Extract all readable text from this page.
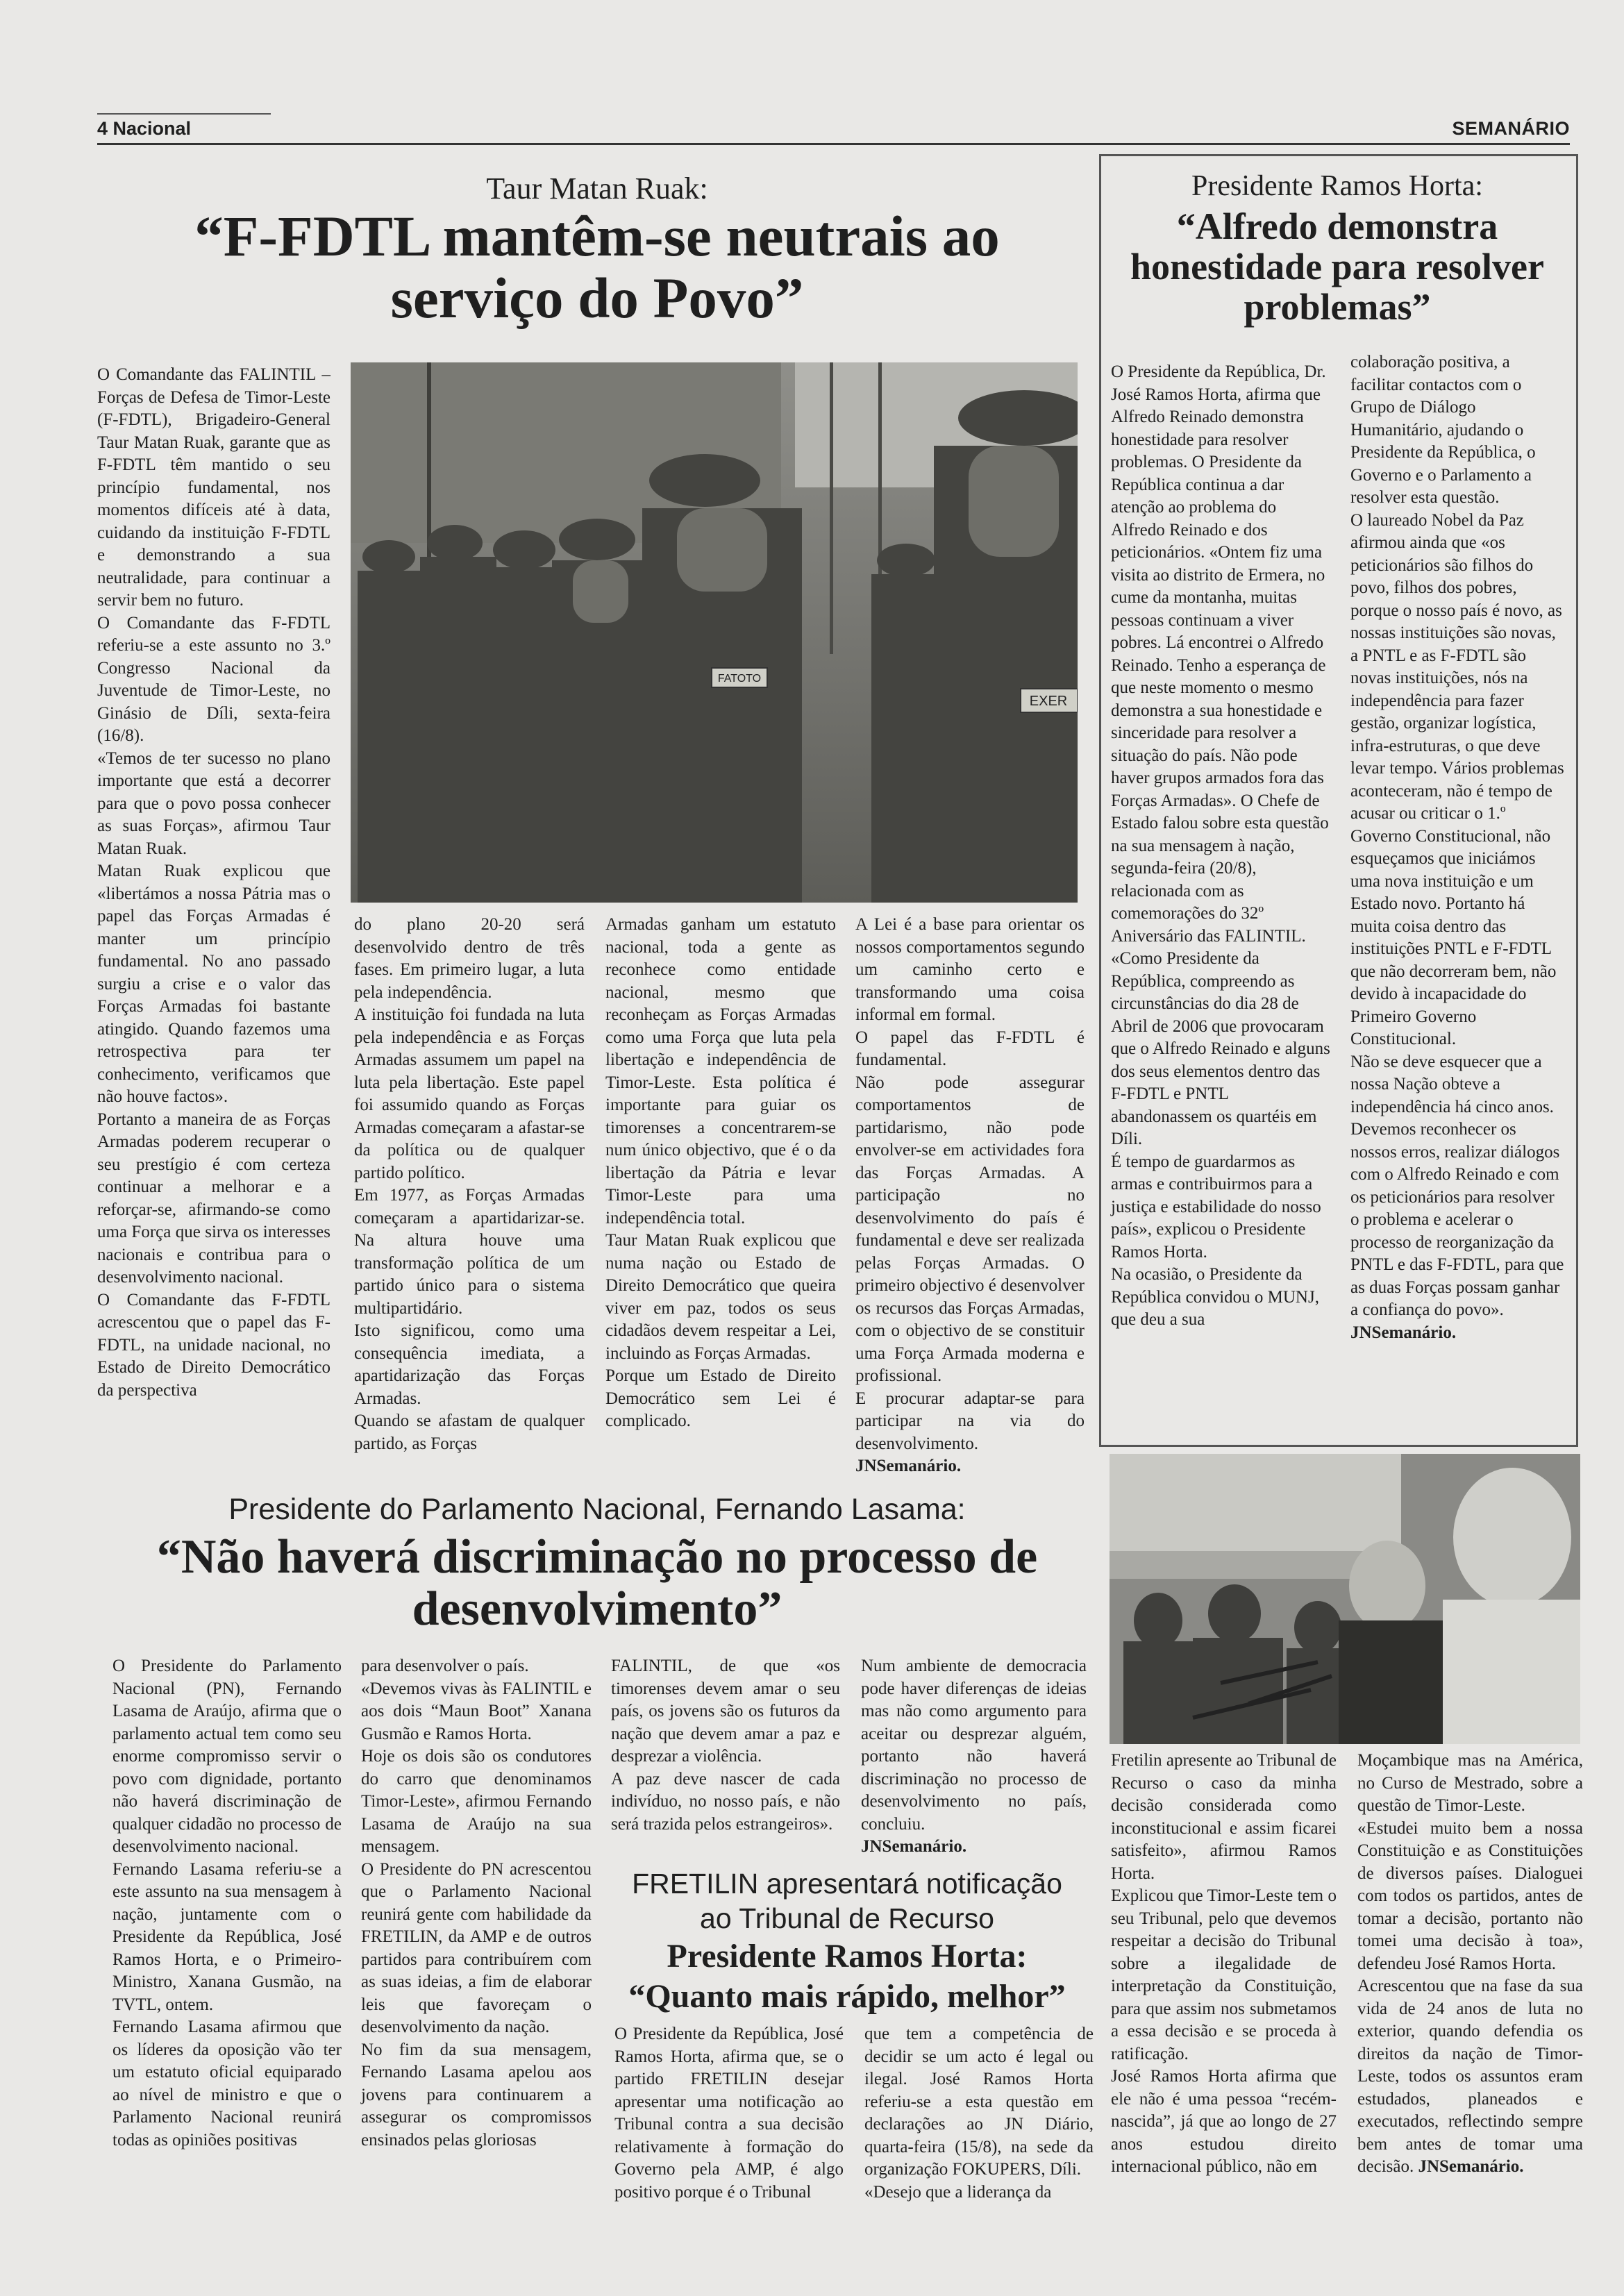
4 Nacional	SEMANÁRIO
Taur Matan Ruak:
“F-FDTL mantêm-se neutrais ao serviço do Povo”
FATOTO
EXER

O Comandante das FALINTIL – Forças de Defesa de Timor-Leste (F-FDTL), Brigadeiro-General Taur Matan Ruak, garante que as F-FDTL têm mantido o seu princípio fundamental, nos momentos difíceis até à data, cuidando da instituição F-FDTL e demonstrando a sua neutralidade, para continuar a servir bem no futuro.

O Comandante das F-FDTL referiu-se a este assunto no 3.º Congresso Nacional da Juventude de Timor-Leste, no Ginásio de Díli, sexta-feira (16/8).

«Temos de ter sucesso no plano importante que está a decorrer para que o povo possa conhecer as suas Forças», afirmou Taur Matan Ruak.

Matan Ruak explicou que «libertámos a nossa Pátria mas o papel das Forças Armadas é manter um princípio fundamental. No ano passado surgiu a crise e o valor das Forças Armadas foi bastante atingido. Quando fazemos uma retrospectiva para ter conhecimento, verificamos que não houve factos».

Portanto a maneira de as Forças Armadas poderem recuperar o seu prestígio é com certeza continuar a melhorar e a reforçar-se, afirmando-se como uma Força que sirva os interesses nacionais e contribua para o desenvolvimento nacional.

O Comandante das F-FDTL acrescentou que o papel das F-FDTL, na unidade nacional, no Estado de Direito Democrático da perspectiva

do plano 20-20 será desenvolvido dentro de três fases. Em primeiro lugar, a luta pela independência.

A instituição foi fundada na luta pela independência e as Forças Armadas assumem um papel na luta pela libertação. Este papel foi assumido quando as Forças Armadas começaram a afastar-se da política ou de qualquer partido político.

Em 1977, as Forças Armadas começaram a apartidarizar-se. Na altura houve uma transformação política de um partido único para o sistema multipartidário.

Isto significou, como uma consequência imediata, a apartidarização das Forças Armadas.

Quando se afastam de qualquer partido, as Forças

Armadas ganham um estatuto nacional, toda a gente as reconhece como entidade nacional, mesmo que reconheçam as Forças Armadas como uma Força que luta pela libertação e independência de Timor-Leste. Esta política é importante para guiar os timorenses a concentrarem-se num único objectivo, que é o da libertação da Pátria e levar Timor-Leste para uma independência total.

Taur Matan Ruak explicou que numa nação ou Estado de Direito Democrático que queira viver em paz, todos os seus cidadãos devem respeitar a Lei, incluindo as Forças Armadas.

Porque um Estado de Direito Democrático sem Lei é complicado.

A Lei é a base para orientar os nossos comportamentos segundo um caminho certo e transformando uma coisa informal em formal.

O papel das F-FDTL é fundamental.

Não pode assegurar comportamentos de partidarismo, não pode envolver-se em actividades fora das Forças Armadas. A participação no desenvolvimento do país é fundamental e deve ser realizada pelas Forças Armadas. O primeiro objectivo é desenvolver os recursos das Forças Armadas, com o objectivo de se constituir uma Força Armada moderna e profissional.

E procurar adaptar-se para participar na via do desenvolvimento.

JNSemanário.

Presidente Ramos Horta:
“Alfredo demonstra honestidade para resolver problemas”

O Presidente da República, Dr. José Ramos Horta, afirma que Alfredo Reinado demonstra honestidade para resolver problemas. O Presidente da República continua a dar atenção ao problema do Alfredo Reinado e dos peticionários. «Ontem fiz uma visita ao distrito de Ermera, no cume da montanha, muitas pessoas continuam a viver pobres. Lá encontrei o Alfredo Reinado. Tenho a esperança de que neste momento o mesmo demonstra a sua honestidade e sinceridade para resolver a situação do país. Não pode haver grupos armados fora das Forças Armadas». O Chefe de Estado falou sobre esta questão na sua mensagem à nação, segunda-feira (20/8), relacionada com as comemorações do 32º Aniversário das FALINTIL.

«Como Presidente da República, compreendo as circunstâncias do dia 28 de Abril de 2006 que provocaram que o Alfredo Reinado e alguns dos seus elementos dentro das F-FDTL e PNTL abandonassem os quartéis em Díli.

É tempo de guardarmos as armas e contribuirmos para a justiça e estabilidade do nosso país», explicou o Presidente Ramos Horta.

Na ocasião, o Presidente da República convidou o MUNJ, que deu a sua

colaboração positiva, a facilitar contactos com o Grupo de Diálogo Humanitário, ajudando o Presidente da República, o Governo e o Parlamento a resolver esta questão.

O laureado Nobel da Paz afirmou ainda que «os peticionários são filhos do povo, filhos dos pobres, porque o nosso país é novo, as nossas instituições são novas, a PNTL e as F-FDTL são novas instituições, nós na independência para fazer gestão, organizar logística, infra-estruturas, o que deve levar tempo. Vários problemas aconteceram, não é tempo de acusar ou criticar o 1.º Governo Constitucional, não esqueçamos que iniciámos uma nova instituição e um Estado novo. Portanto há muita coisa dentro das instituições PNTL e F-FDTL que não decorreram bem, não devido à incapacidade do Primeiro Governo Constitucional.

Não se deve esquecer que a nossa Nação obteve a independência há cinco anos. Devemos reconhecer os nossos erros, realizar diálogos com o Alfredo Reinado e com os peticionários para resolver o problema e acelerar o processo de reorganização da PNTL e das F-FDTL, para que as duas Forças possam ganhar a confiança do povo». JNSemanário.

Presidente do Parlamento Nacional, Fernando Lasama:
“Não haverá discriminação no processo de desenvolvimento”

O Presidente do Parlamento Nacional (PN), Fernando Lasama de Araújo, afirma que o parlamento actual tem como seu enorme compromisso servir o povo com dignidade, portanto não haverá discriminação de qualquer cidadão no processo de desenvolvimento nacional.

Fernando Lasama referiu-se a este assunto na sua mensagem à nação, juntamente com o Presidente da República, José Ramos Horta, e o Primeiro-Ministro, Xanana Gusmão, na TVTL, ontem.

Fernando Lasama afirmou que os líderes da oposição vão ter um estatuto oficial equiparado ao nível de ministro e que o Parlamento Nacional reunirá todas as opiniões positivas

para desenvolver o país.

«Devemos vivas às FALINTIL e aos dois “Maun Boot” Xanana Gusmão e Ramos Horta.

Hoje os dois são os condutores do carro que denominamos Timor-Leste», afirmou Fernando Lasama de Araújo na sua mensagem.

O Presidente do PN acrescentou que o Parlamento Nacional reunirá gente com habilidade da FRETILIN, da AMP e de outros partidos para contribuírem com as suas ideias, a fim de elaborar leis que favoreçam o desenvolvimento da nação.

No fim da sua mensagem, Fernando Lasama apelou aos jovens para continuarem a assegurar os compromissos ensinados pelas gloriosas

FALINTIL, de que «os timorenses devem amar o seu país, os jovens são os futuros da nação que devem amar a paz e desprezar a violência.

A paz deve nascer de cada indivíduo, no nosso país, e não será trazida pelos estrangeiros».

Num ambiente de democracia pode haver diferenças de ideias mas não como argumento para aceitar ou desprezar alguém, portanto não haverá discriminação no processo de desenvolvimento no país, concluiu.

JNSemanário.

FRETILIN apresentará notificação
ao Tribunal de Recurso
Presidente Ramos Horta:
“Quanto mais rápido, melhor”

O Presidente da República, José Ramos Horta, afirma que, se o partido FRETILIN desejar apresentar uma notificação ao Tribunal contra a sua decisão relativamente à formação do Governo pela AMP, é algo positivo porque é o Tribunal

que tem a competência de decidir se um acto é legal ou ilegal. José Ramos Horta referiu-se a esta questão em declarações ao JN Diário, quarta-feira (15/8), na sede da organização FOKUPERS, Díli.

«Desejo que a liderança da

Fretilin apresente ao Tribunal de Recurso o caso da minha decisão considerada como inconstitucional e assim ficarei satisfeito», afirmou Ramos Horta.

Explicou que Timor-Leste tem o seu Tribunal, pelo que devemos respeitar a decisão do Tribunal sobre a ilegalidade de interpretação da Constituição, para que assim nos submetamos a essa decisão e se proceda à ratificação.

José Ramos Horta afirma que ele não é uma pessoa “recém-nascida”, já que ao longo de 27 anos estudou direito internacional público, não em

Moçambique mas na América, no Curso de Mestrado, sobre a questão de Timor-Leste.

«Estudei muito bem a nossa Constituição e as Constituições de diversos países. Dialoguei com todos os partidos, antes de tomar a decisão, portanto não tomei uma decisão à toa», defendeu José Ramos Horta.

Acrescentou que na fase da sua vida de 24 anos de luta no exterior, quando defendia os direitos da nação de Timor-Leste, todos os assuntos eram estudados, planeados e executados, reflectindo sempre bem antes de tomar uma decisão. JNSemanário.
